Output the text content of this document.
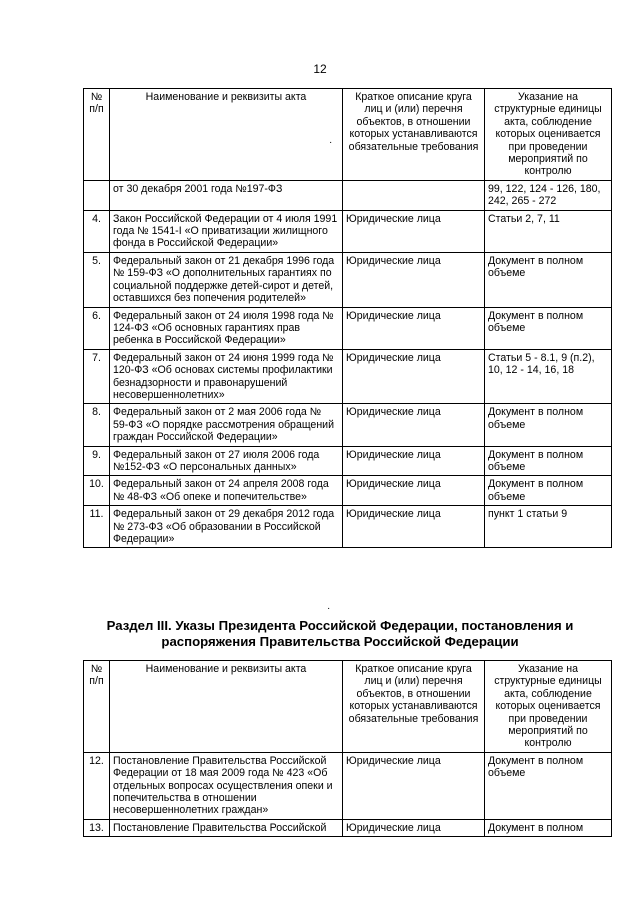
12
№ п/п	Наименование и реквизиты акта	Краткое описание круга лиц и (или) перечня объектов, в отношении которых устанавливаются обязательные требования	Указание на структурные единицы акта, соблюдение которых оценивается при проведении мероприятий по контролю
	от 30 декабря 2001 года №197-ФЗ		99, 122, 124 - 126, 180, 242, 265 - 272
4.	Закон Российской Федерации от 4 июля 1991 года № 1541-I «О приватизации жилищного фонда в Российской Федерации»	Юридические лица	Статьи 2, 7, 11
5.	Федеральный закон от 21 декабря 1996 года № 159-ФЗ «О дополнительных гарантиях по социальной поддержке детей-сирот и детей, оставшихся без попечения родителей»	Юридические лица	Документ в полном объеме
6.	Федеральный закон от 24 июля 1998 года № 124-ФЗ «Об основных гарантиях прав ребенка в Российской Федерации»	Юридические лица	Документ в полном объеме
7.	Федеральный закон от 24 июня 1999 года № 120-ФЗ «Об основах системы профилактики безнадзорности и правонарушений несовершеннолетних»	Юридические лица	Статьи 5 - 8.1, 9 (п.2), 10, 12 - 14, 16, 18
8.	Федеральный закон от 2 мая 2006 года № 59-ФЗ «О порядке рассмотрения обращений граждан Российской Федерации»	Юридические лица	Документ в полном объеме
9.	Федеральный закон от 27 июля 2006 года №152-ФЗ «О персональных данных»	Юридические лица	Документ в полном объеме
10.	Федеральный закон от 24 апреля 2008 года № 48-ФЗ «Об опеке и попечительстве»	Юридические лица	Документ в полном объеме
11.	Федеральный закон от 29 декабря 2012 года № 273-ФЗ «Об образовании в Российской Федерации»	Юридические лица	пункт 1 статьи 9
Раздел III. Указы Президента Российской Федерации, постановления и распоряжения Правительства Российской Федерации
№ п/п	Наименование и реквизиты акта	Краткое описание круга лиц и (или) перечня объектов, в отношении которых устанавливаются обязательные требования	Указание на структурные единицы акта, соблюдение которых оценивается при проведении мероприятий по контролю
12.	Постановление Правительства Российской Федерации от 18 мая 2009 года № 423 «Об отдельных вопросах осуществления опеки и попечительства в отношении несовершеннолетних граждан»	Юридические лица	Документ в полном объеме
13.	Постановление Правительства Российской	Юридические лица	Документ в полном
·
·
